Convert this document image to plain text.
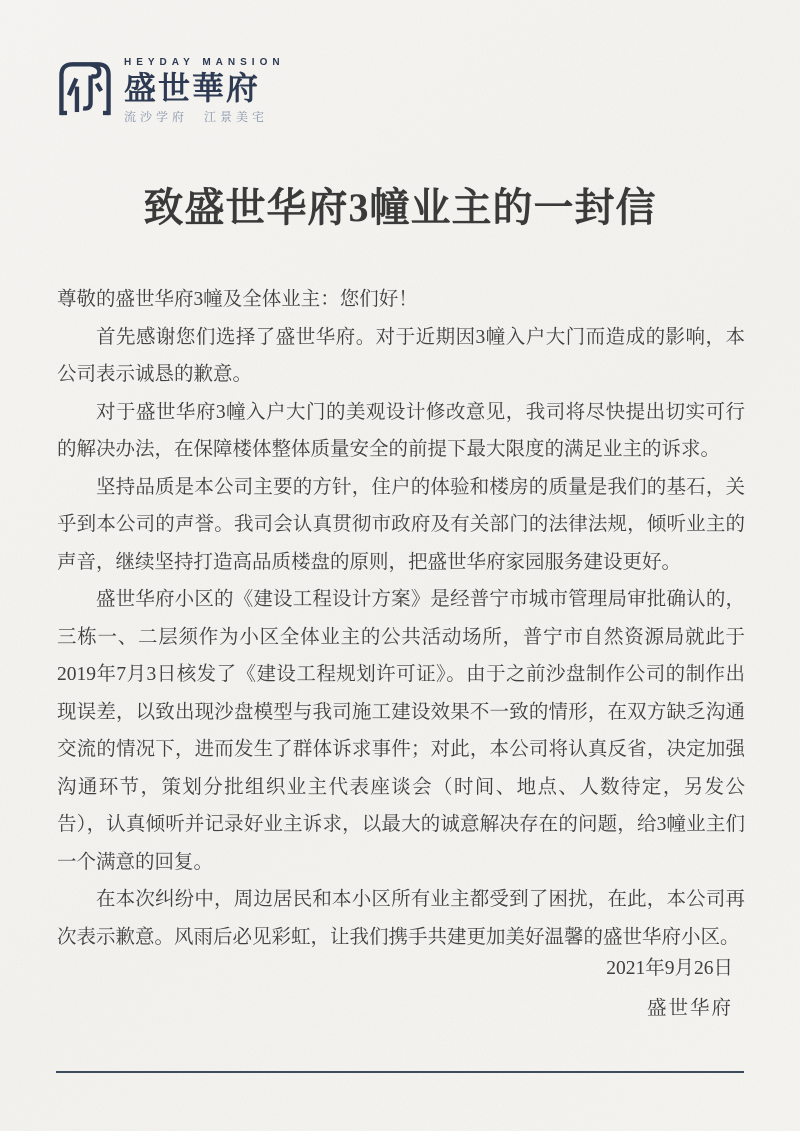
HEYDAY MANSION
盛世華府
流沙学府　江景美宅
致盛世华府3幢业主的一封信

尊敬的盛世华府3幢及全体业主：您们好！

首先感谢您们选择了盛世华府。对于近期因3幢入户大门而造成的影响，本公司表示诚恳的歉意。

对于盛世华府3幢入户大门的美观设计修改意见，我司将尽快提出切实可行的解决办法，在保障楼体整体质量安全的前提下最大限度的满足业主的诉求。

坚持品质是本公司主要的方针，住户的体验和楼房的质量是我们的基石，关乎到本公司的声誉。我司会认真贯彻市政府及有关部门的法律法规，倾听业主的声音，继续坚持打造高品质楼盘的原则，把盛世华府家园服务建设更好。

盛世华府小区的《建设工程设计方案》是经普宁市城市管理局审批确认的，三栋一、二层须作为小区全体业主的公共活动场所，普宁市自然资源局就此于2019年7月3日核发了《建设工程规划许可证》。由于之前沙盘制作公司的制作出现误差，以致出现沙盘模型与我司施工建设效果不一致的情形，在双方缺乏沟通交流的情况下，进而发生了群体诉求事件；对此，本公司将认真反省，决定加强沟通环节，策划分批组织业主代表座谈会（时间、地点、人数待定，另发公告），认真倾听并记录好业主诉求，以最大的诚意解决存在的问题，给3幢业主们一个满意的回复。

在本次纠纷中，周边居民和本小区所有业主都受到了困扰，在此，本公司再次表示歉意。风雨后必见彩虹，让我们携手共建更加美好温馨的盛世华府小区。

2021年9月26日
盛世华府
